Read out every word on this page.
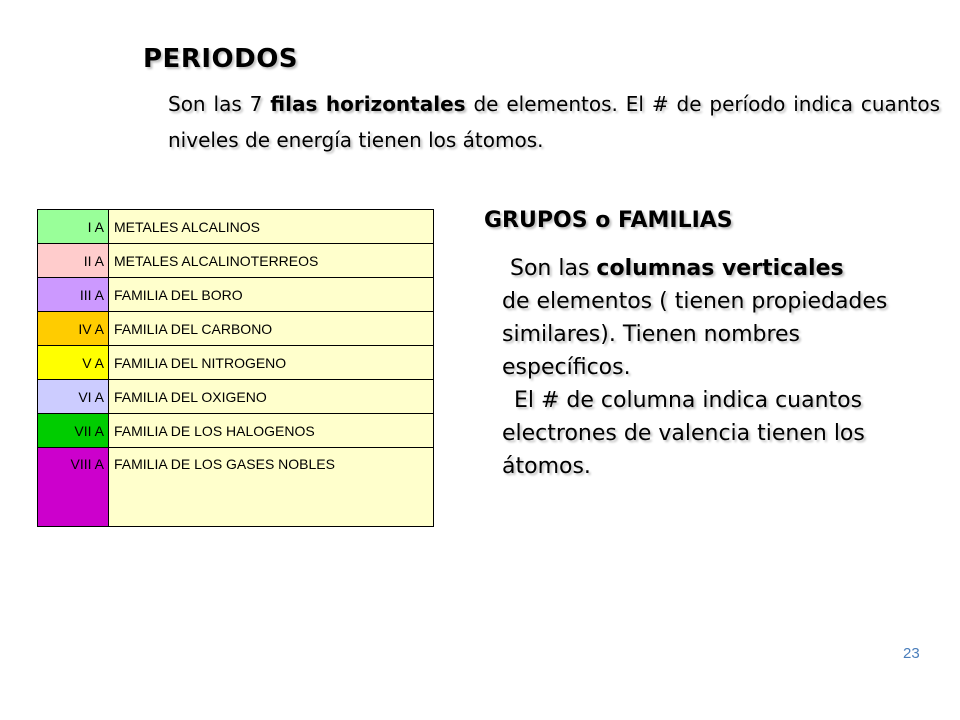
PERIODOS
Son las 7 filas horizontales de elementos. El # de período indica cuantos niveles de energía tienen los átomos.
I A	METALES ALCALINOS
II A	METALES ALCALINOTERREOS
III A	FAMILIA DEL BORO
IV A	FAMILIA DEL CARBONO
V A	FAMILIA DEL NITROGENO
VI A	FAMILIA DEL OXIGENO
VII A	FAMILIA DE LOS HALOGENOS
VIII A	FAMILIA DE LOS GASES NOBLES
GRUPOS o FAMILIAS
Son las columnas verticales
de elementos ( tienen propiedades similares). Tienen nombres específicos.
El # de columna indica cuantos
electrones de valencia tienen los átomos.
23
